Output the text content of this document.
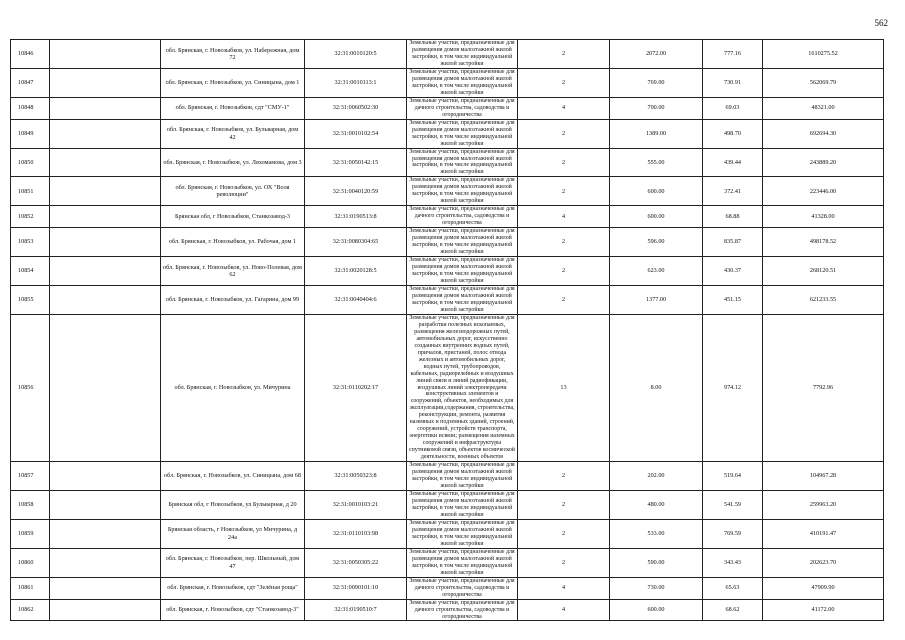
562
10846		обл. Брянская, г. Новозыбков, ул. Набережная, дом 72	32:31:0010120:5	Земельные участки, предназначенные для размещения домов малоэтажной жилой застройки, в том числе индивидуальной жилой застройки	2	2072.00	777.16	1610275.52
10847		обл. Брянская, г. Новозыбков, ул. Синицына, дом 1	32:31:0010113:1	Земельные участки, предназначенные для размещения домов малоэтажной жилой застройки, в том числе индивидуальной жилой застройки	2	769.00	730.91	562069.79
10848		обл. Брянская, г. Новозыбков, сдт "СМУ-1"	32:31:0060502:30	Земельные участки, предназначенные для дачного строительства, садоводства и огородничества	4	700.00	69.03	48321.00
10849		обл. Брянская, г. Новозыбков, ул. Бульварная, дом 42	32:31:0010102:54	Земельные участки, предназначенные для размещения домов малоэтажной жилой застройки, в том числе индивидуальной жилой застройки	2	1389.00	498.70	692694.30
10850		обл. Брянская, г. Новозыбков, ул. Ляхомамова, дом 3	32:31:0050142:15	Земельные участки, предназначенные для размещения домов малоэтажной жилой застройки, в том числе индивидуальной жилой застройки	2	555.00	439.44	243889.20
10851		обл. Брянская, г. Новозыбков, ул. ОХ "Воля революции"	32:31:0040120:59	Земельные участки, предназначенные для размещения домов малоэтажной жилой застройки, в том числе индивидуальной жилой застройки	2	600.00	372.41	223446.00
10852		Брянская обл, г Новозыбков, Станкозавод-3	32:31:0190513:8	Земельные участки, предназначенные для дачного строительства, садоводства и огородничества	4	600.00	68.88	41328.00
10853		обл. Брянская, г. Новозыбков, ул. Рабочая, дом 1	32:31:0080304:65	Земельные участки, предназначенные для размещения домов малоэтажной жилой застройки, в том числе индивидуальной жилой застройки	2	596.00	835.87	498178.52
10854		обл. Брянская, г. Новозыбков, ул. Ново-Полевая, дом 62	32:31:0020128:5	Земельные участки, предназначенные для размещения домов малоэтажной жилой застройки, в том числе индивидуальной жилой застройки	2	623.00	430.37	268120.51
10855		обл. Брянская, г. Новозыбков, ул. Гагарина, дом 99	32:31:0040404:6	Земельные участки, предназначенные для размещения домов малоэтажной жилой застройки, в том числе индивидуальной жилой застройки	2	1377.00	451.15	621233.55
10856		обл. Брянская, г. Новозыбков, ул. Мичурина	32:31:0110202:17	Земельные участки, предназначенные для разработки полезных ископаемых, размещения железнодорожных путей, автомобильных дорог, искусственно созданных внутренних водных путей, причалов, пристаней, полос отвода железных и автомобильных дорог, водных путей, трубопроводов, кабельных, радиорелейных и воздушных линий связи и линий радиофикации, воздушных линий электропередачи конструктивных элементов и сооружений, объектов, необходимых для эксплуатации,содержания, строительства, реконструкции, ремонта, развития наземных и подземных зданий, строений, сооружений, устройств транспорта, энергетики исвязи; размещения наземных сооружений и инфраструктуры спутниковой связи, объектов космической деятельности, военных объектов	13	8.00	974.12	7792.96
10857		обл. Брянская, г. Новозыбков, ул. Синицына, дом 68	32:31:0050323:8	Земельные участки, предназначенные для размещения домов малоэтажной жилой застройки, в том числе индивидуальной жилой застройки	2	202.00	519.64	104967.28
10858		Брянская обл, г Новозыбков, ул Бульварная, д 20	32:31:0010103:21	Земельные участки, предназначенные для размещения домов малоэтажной жилой застройки, в том числе индивидуальной жилой застройки	2	480.00	541.59	259963.20
10859		Брянская область, г Новозыбков, ул Мичурина, д 24а	32:31:0110103:98	Земельные участки, предназначенные для размещения домов малоэтажной жилой застройки, в том числе индивидуальной жилой застройки	2	533.00	769.59	410191.47
10860		обл. Брянская, г. Новозыбков, пер. Школьный, дом 47	32:31:0050305:22	Земельные участки, предназначенные для размещения домов малоэтажной жилой застройки, в том числе индивидуальной жилой застройки	2	590.00	343.43	202623.70
10861		обл. Брянская, г. Новозыбков, сдт "Зелёная роща"	32:31:0090101:10	Земельные участки, предназначенные для дачного строительства, садоводства и огородничества	4	730.00	65.63	47909.90
10862		обл. Брянская, г. Новозыбков, сдт "Станкозавод-3"	32:31:0190510:7	Земельные участки, предназначенные для дачного строительства, садоводства и огородничества	4	600.00	68.62	41172.00
